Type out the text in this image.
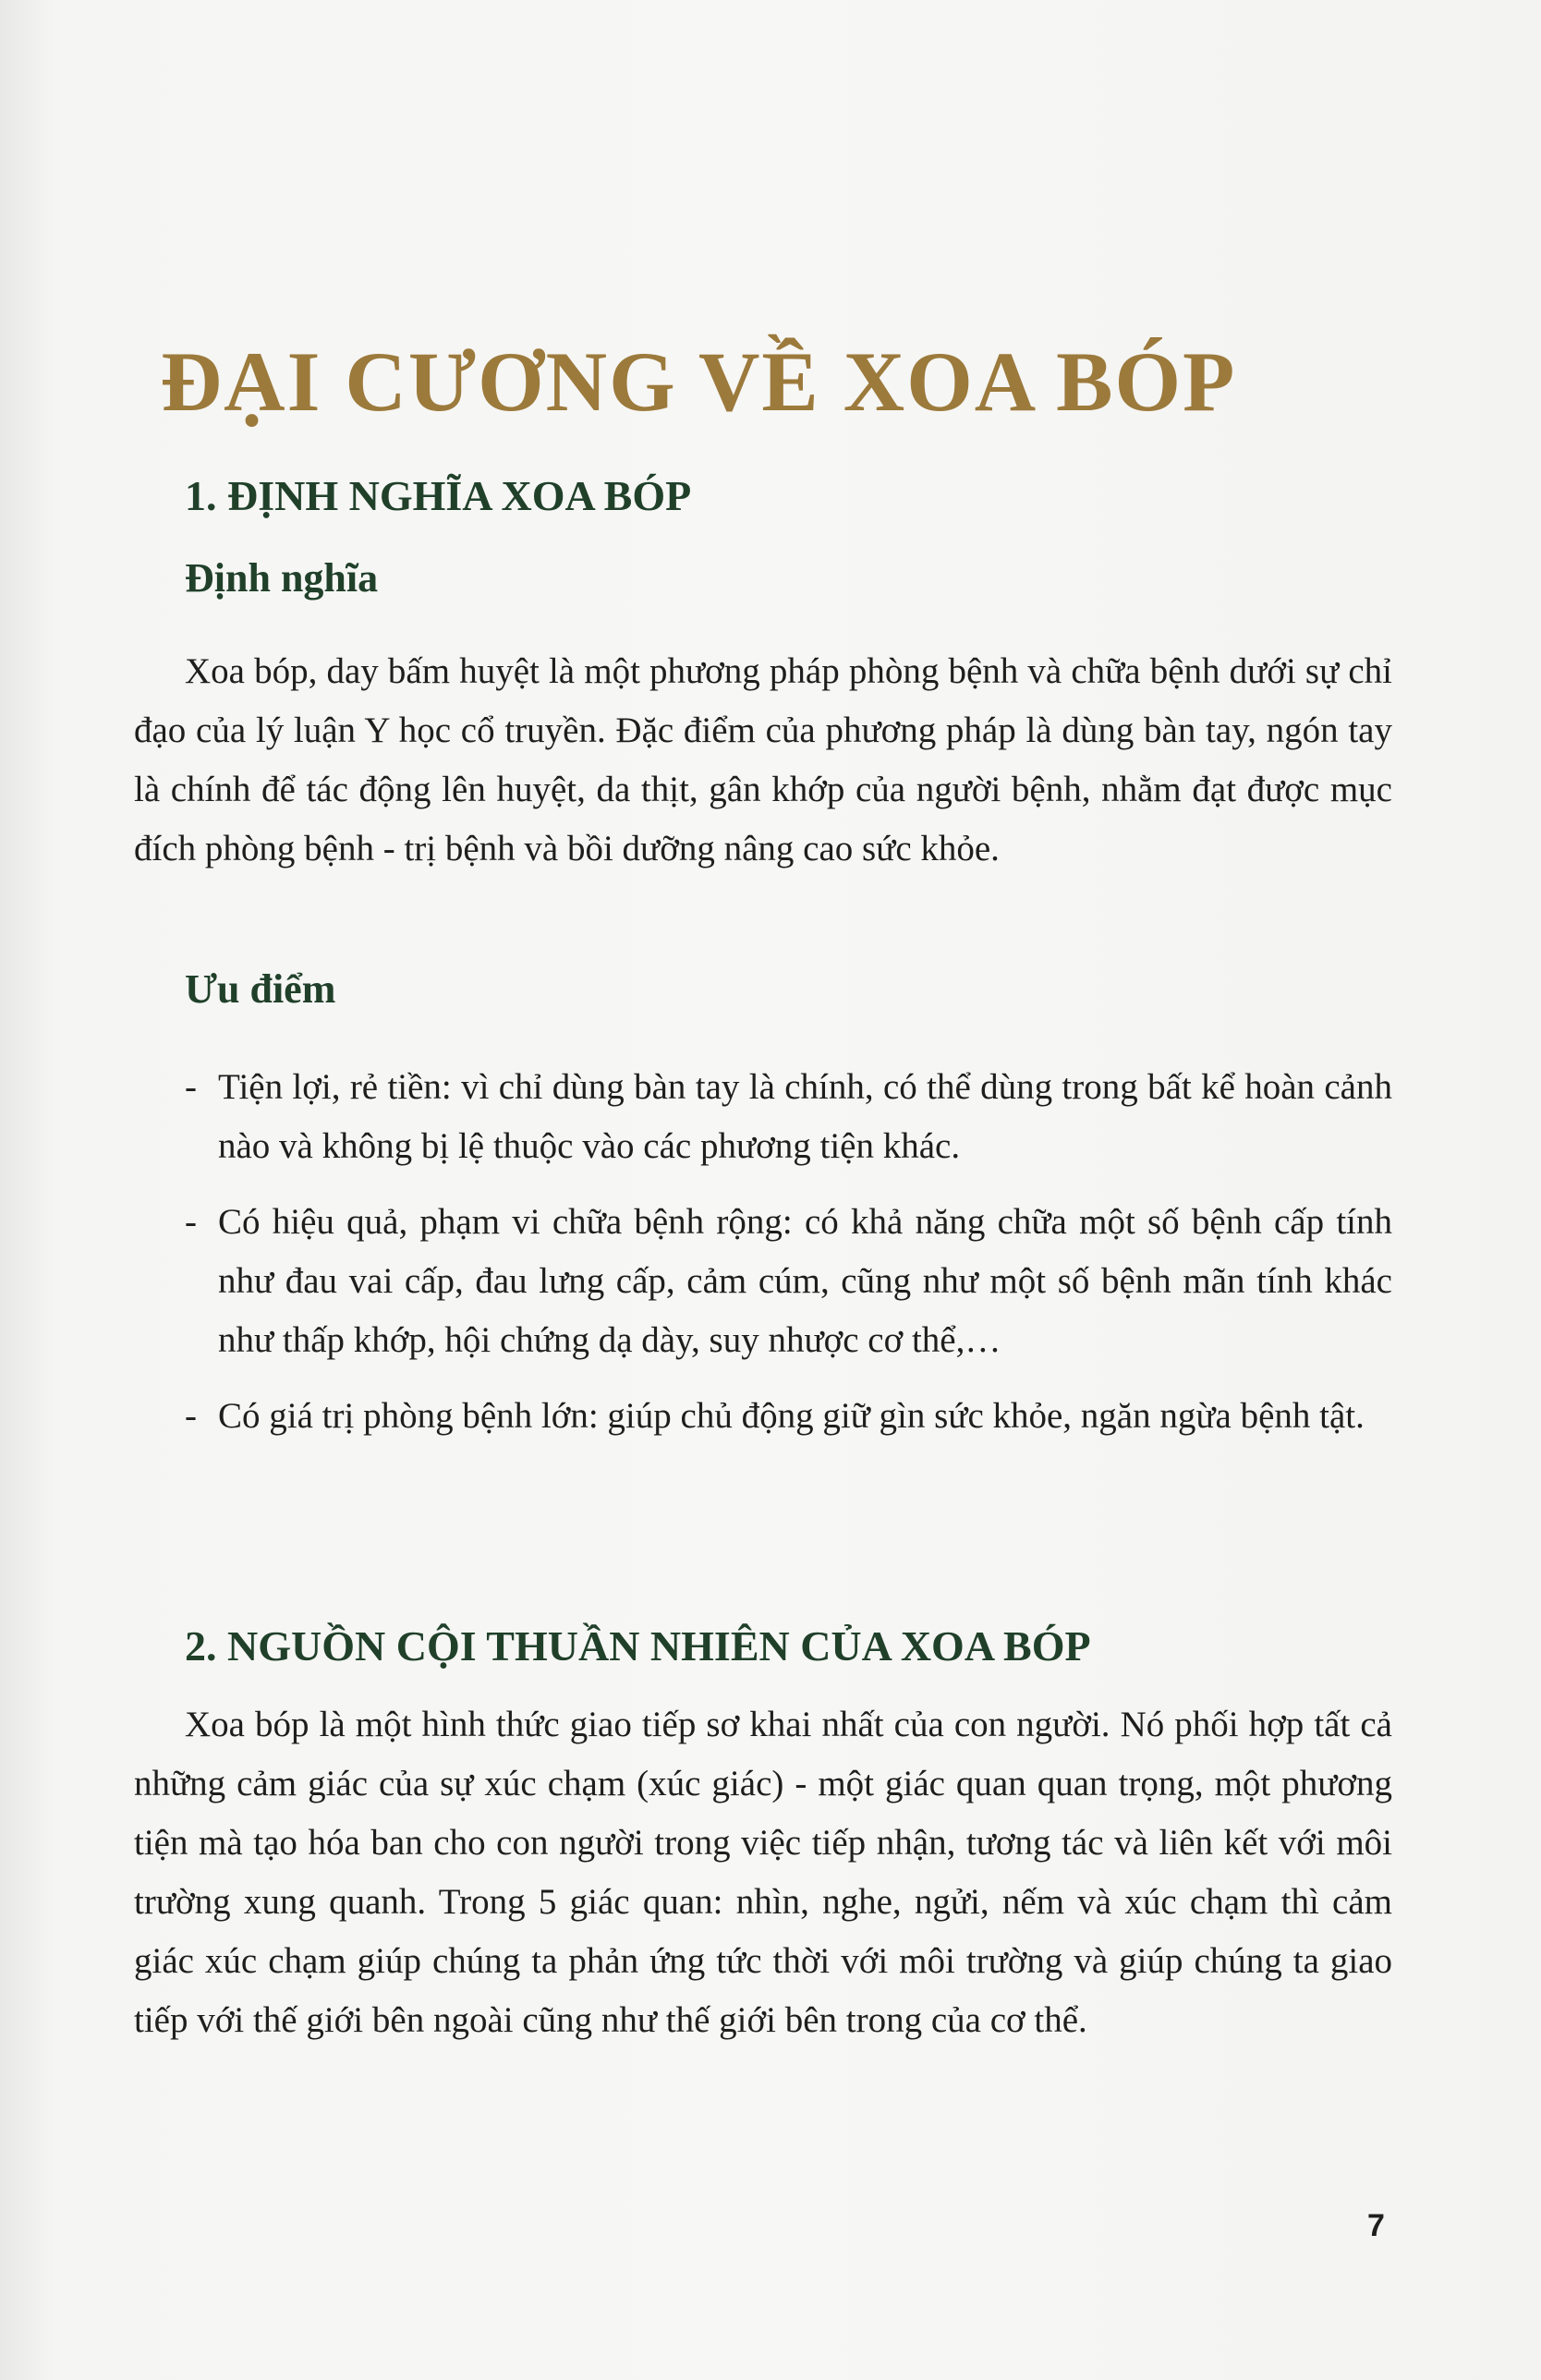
ĐẠI CƯƠNG VỀ XOA BÓP
1. ĐỊNH NGHĨA XOA BÓP
Định nghĩa

Xoa bóp, day bấm huyệt là một phương pháp phòng bệnh và chữa bệnh dưới sự chỉ đạo của lý luận Y học cổ truyền. Đặc điểm của phương pháp là dùng bàn tay, ngón tay là chính để tác động lên huyệt, da thịt, gân khớp của người bệnh, nhằm đạt được mục đích phòng bệnh - trị bệnh và bồi dưỡng nâng cao sức khỏe.

Ưu điểm
- Tiện lợi, rẻ tiền: vì chỉ dùng bàn tay là chính, có thể dùng trong bất kể hoàn cảnh nào và không bị lệ thuộc vào các phương tiện khác.
- Có hiệu quả, phạm vi chữa bệnh rộng: có khả năng chữa một số bệnh cấp tính như đau vai cấp, đau lưng cấp, cảm cúm, cũng như một số bệnh mãn tính khác như thấp khớp, hội chứng dạ dày, suy nhược cơ thể,…
- Có giá trị phòng bệnh lớn: giúp chủ động giữ gìn sức khỏe, ngăn ngừa bệnh tật.
2. NGUỒN CỘI THUẦN NHIÊN CỦA XOA BÓP

Xoa bóp là một hình thức giao tiếp sơ khai nhất của con người. Nó phối hợp tất cả những cảm giác của sự xúc chạm (xúc giác) - một giác quan quan trọng, một phương tiện mà tạo hóa ban cho con người trong việc tiếp nhận, tương tác và liên kết với môi trường xung quanh. Trong 5 giác quan: nhìn, nghe, ngửi, nếm và xúc chạm thì cảm giác xúc chạm giúp chúng ta phản ứng tức thời với môi trường và giúp chúng ta giao tiếp với thế giới bên ngoài cũng như thế giới bên trong của cơ thể.

7
